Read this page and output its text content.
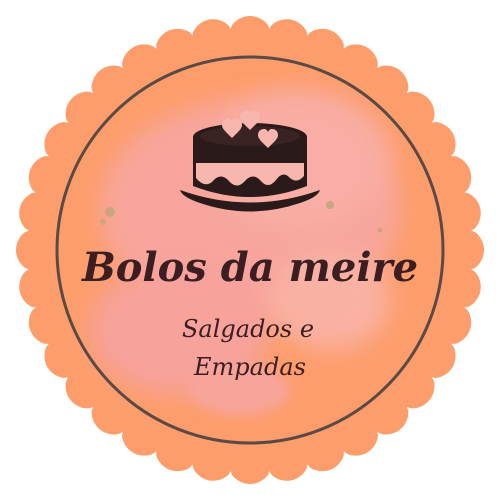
Bolos da meire
Salgados e
Empadas
